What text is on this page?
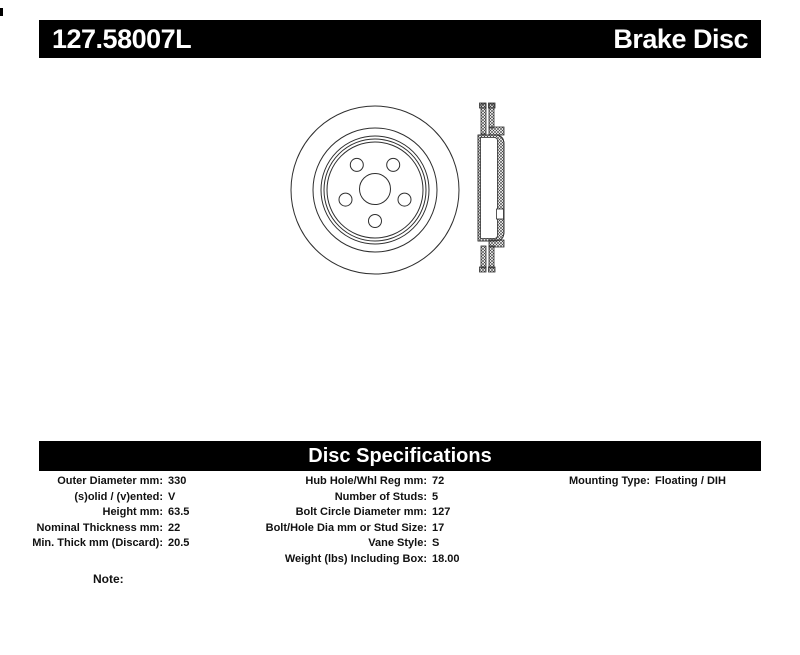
127.58007L	Brake Disc
Disc Specifications
Outer Diameter mm: 330
(s)olid / (v)ented: V
Height mm: 63.5
Nominal Thickness mm: 22
Min. Thick mm (Discard): 20.5
Hub Hole/Whl Reg mm: 72
Number of Studs: 5
Bolt Circle Diameter mm: 127
Bolt/Hole Dia mm or Stud Size: 17
Vane Style: S
Weight (lbs) Including Box: 18.00
Mounting Type: Floating / DIH
Note:
